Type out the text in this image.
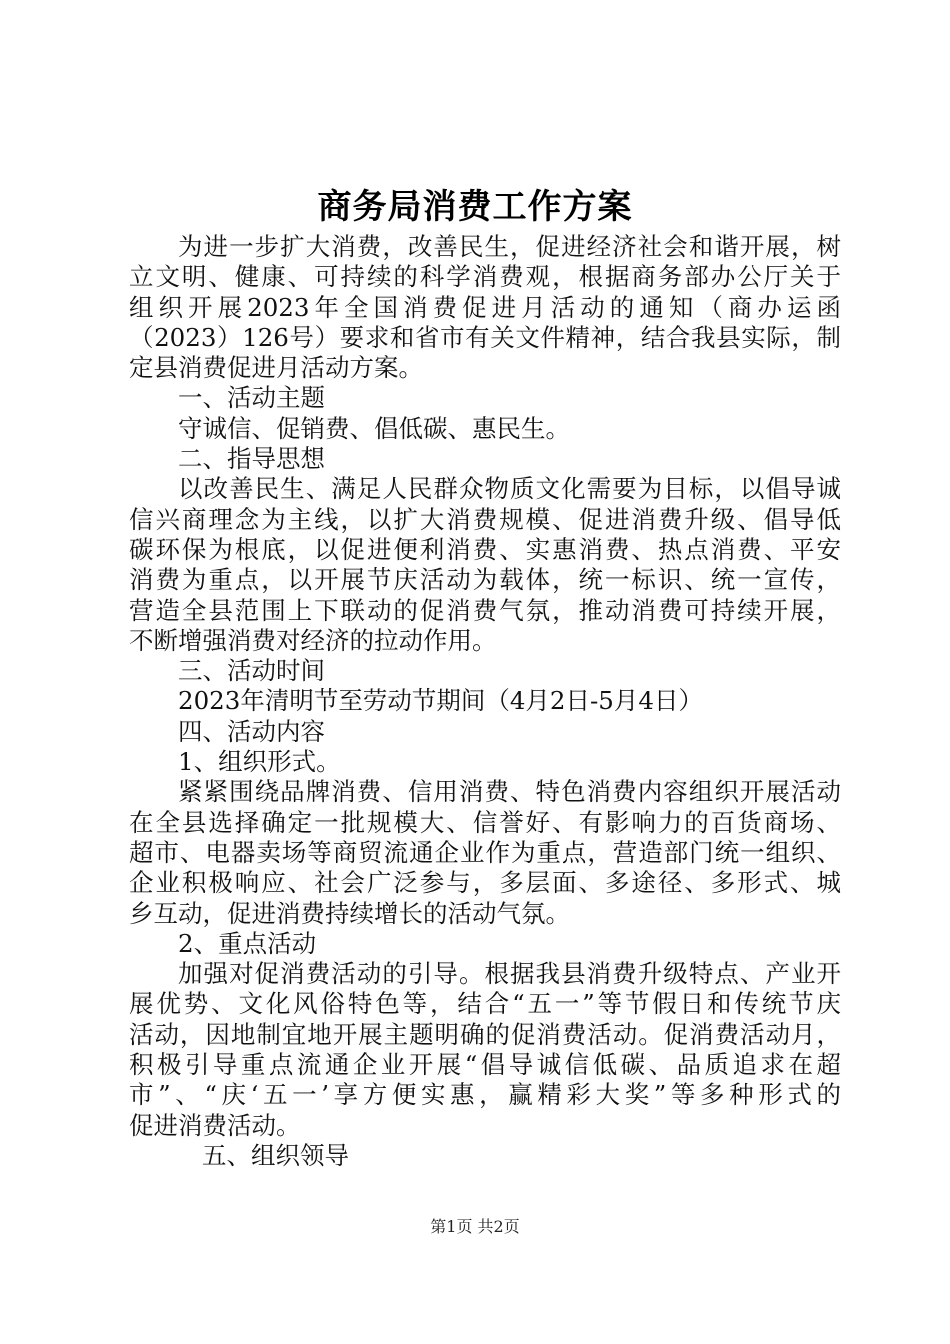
商务局消费工作方案
为进一步扩大消费，改善民生，促进经济社会和谐开展，树
立文明、健康、可持续的科学消费观，根据商务部办公厅关于
组织开展2023年全国消费促进月活动的通知（商办运函
（2023）126号）要求和省市有关文件精神，结合我县实际，制
定县消费促进月活动方案。
一、活动主题
守诚信、促销费、倡低碳、惠民生。
二、指导思想
以改善民生、满足人民群众物质文化需要为目标，以倡导诚
信兴商理念为主线，以扩大消费规模、促进消费升级、倡导低
碳环保为根底，以促进便利消费、实惠消费、热点消费、平安
消费为重点，以开展节庆活动为载体，统一标识、统一宣传，
营造全县范围上下联动的促消费气氛，推动消费可持续开展，
不断增强消费对经济的拉动作用。
三、活动时间
2023年清明节至劳动节期间（4月2日-5月4日）
四、活动内容
1、组织形式。
紧紧围绕品牌消费、信用消费、特色消费内容组织开展活动
在全县选择确定一批规模大、信誉好、有影响力的百货商场、
超市、电器卖场等商贸流通企业作为重点，营造部门统一组织、
企业积极响应、社会广泛参与，多层面、多途径、多形式、城
乡互动，促进消费持续增长的活动气氛。
2、重点活动
加强对促消费活动的引导。根据我县消费升级特点、产业开
展优势、文化风俗特色等，结合“五一”等节假日和传统节庆
活动，因地制宜地开展主题明确的促消费活动。促消费活动月，
积极引导重点流通企业开展“倡导诚信低碳、品质追求在超
市”、“庆‘五一’享方便实惠，赢精彩大奖”等多种形式的
促进消费活动。
五、组织领导
第1页 共2页
